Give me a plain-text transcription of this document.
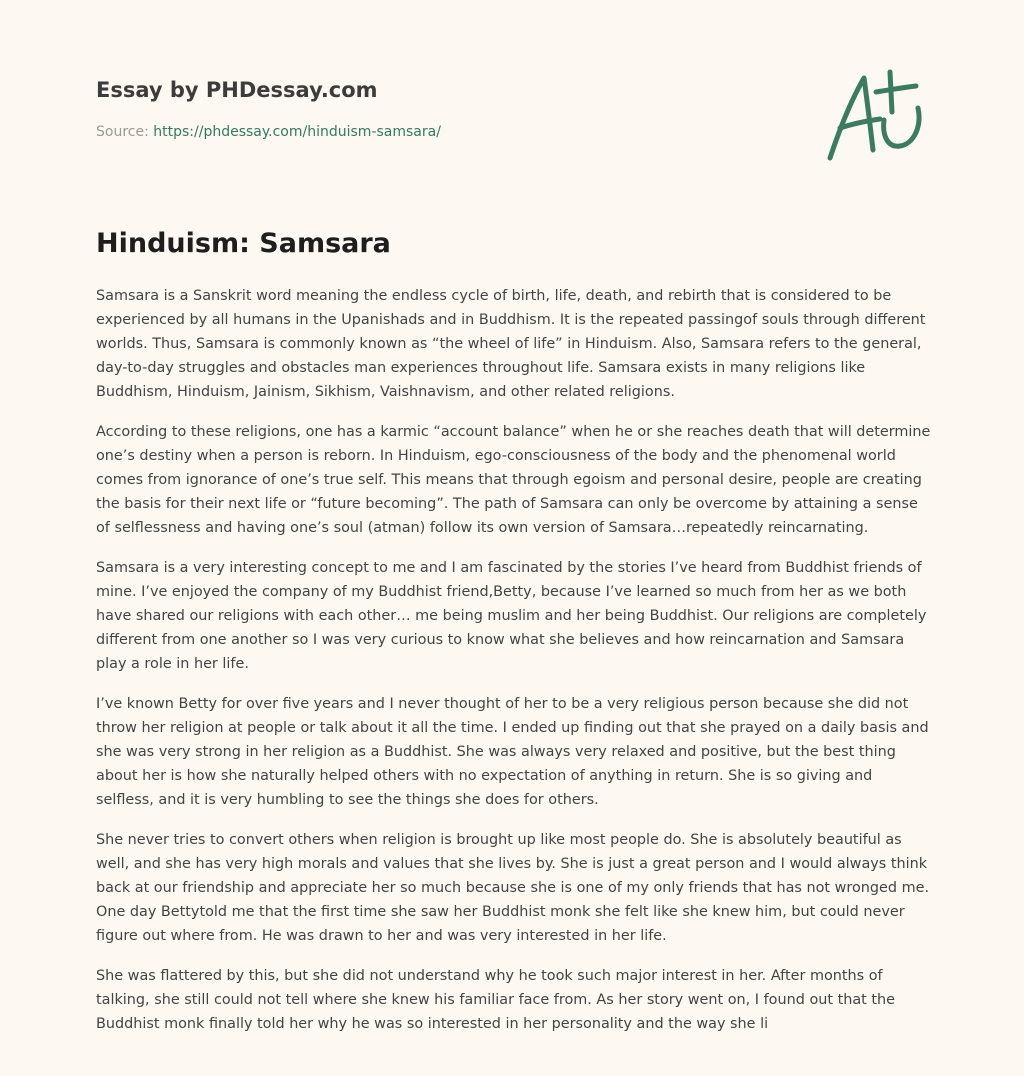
Essay by PHDessay.com
Source: https://phdessay.com/hinduism-samsara/
Hinduism: Samsara

Samsara is a Sanskrit word meaning the endless cycle of birth, life, death, and rebirth that is considered to be experienced by all humans in the Upanishads and in Buddhism. It is the repeated passingof souls through different worlds. Thus, Samsara is commonly known as “the wheel of life” in Hinduism. Also, Samsara refers to the general, day-to-day struggles and obstacles man experiences throughout life. Samsara exists in many religions like Buddhism, Hinduism, Jainism, Sikhism, Vaishnavism, and other related religions.

According to these religions, one has a karmic “account balance” when he or she reaches death that will determine one’s destiny when a person is reborn. In Hinduism, ego-consciousness of the body and the phenomenal world comes from ignorance of one’s true self. This means that through egoism and personal desire, people are creating the basis for their next life or “future becoming”. The path of Samsara can only be overcome by attaining a sense of selflessness and having one’s soul (atman) follow its own version of Samsara…repeatedly reincarnating.

Samsara is a very interesting concept to me and I am fascinated by the stories I’ve heard from Buddhist friends of mine. I’ve enjoyed the company of my Buddhist friend,Betty, because I’ve learned so much from her as we both have shared our religions with each other… me being muslim and her being Buddhist. Our religions are completely different from one another so I was very curious to know what she believes and how reincarnation and Samsara play a role in her life.

I’ve known Betty for over five years and I never thought of her to be a very religious person because she did not throw her religion at people or talk about it all the time. I ended up finding out that she prayed on a daily basis and she was very strong in her religion as a Buddhist. She was always very relaxed and positive, but the best thing about her is how she naturally helped others with no expectation of anything in return. She is so giving and selfless, and it is very humbling to see the things she does for others.

She never tries to convert others when religion is brought up like most people do. She is absolutely beautiful as well, and she has very high morals and values that she lives by. She is just a great person and I would always think back at our friendship and appreciate her so much because she is one of my only friends that has not wronged me. One day Bettytold me that the first time she saw her Buddhist monk she felt like she knew him, but could never figure out where from. He was drawn to her and was very interested in her life.

She was flattered by this, but she did not understand why he took such major interest in her. After months of talking, she still could not tell where she knew his familiar face from. As her story went on, I found out that the Buddhist monk finally told her why he was so interested in her personality and the way she li
